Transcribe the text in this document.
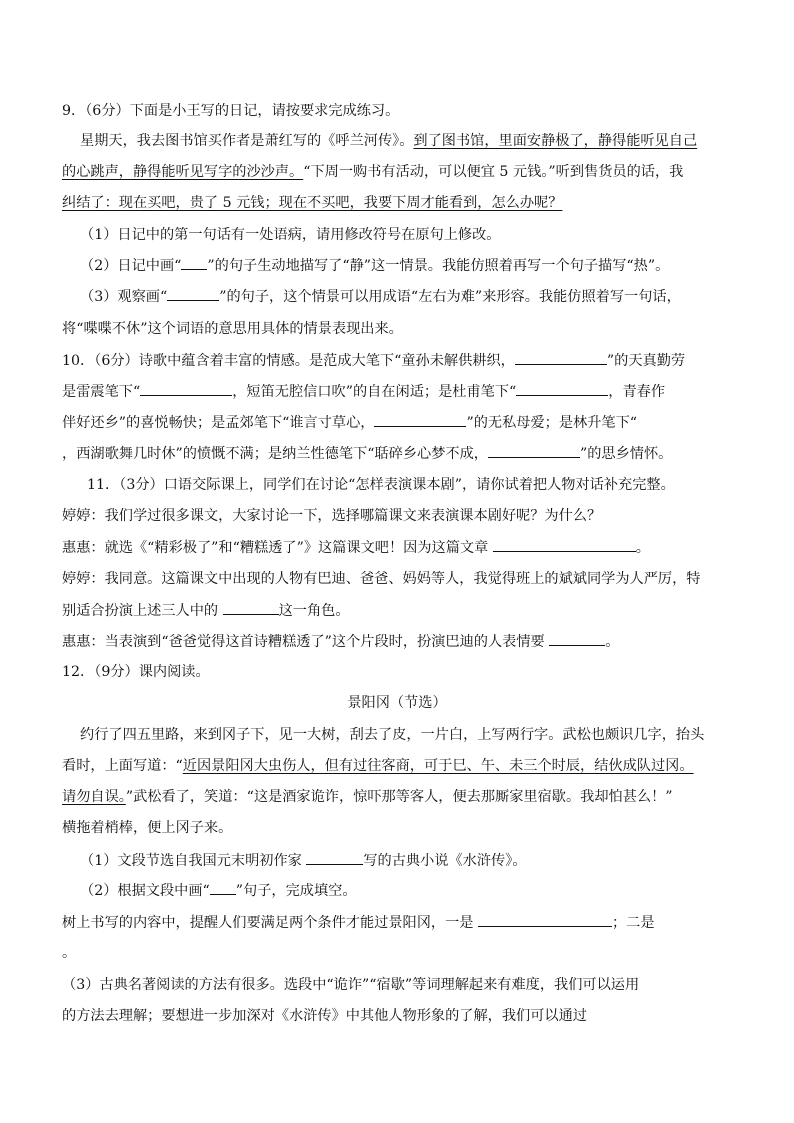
9．（6分）下面是小王写的日记，请按要求完成练习。
星期天，我去图书馆买作者是萧红写的《呼兰河传》。到了图书馆，里面安静极了，静得能听见自己
的心跳声，静得能听见写字的沙沙声。“下周一购书有活动，可以便宜 5 元钱。”听到售货员的话，我
纠结了：现在买吧，贵了 5 元钱；现在不买吧，我要下周才能看到，怎么办呢？
（1）日记中的第一句话有一处语病，请用修改符号在原句上修改。
（2）日记中画“ ”的句子生动地描写了“静”这一情景。我能仿照着再写一个句子描写“热”。
（3）观察画“	”的句子，这个情景可以用成语“左右为难”来形容。我能仿照着写一句话，
将“喋喋不休”这个词语的意思用具体的情景表现出来。
10．（6分）诗歌中蕴含着丰富的情感。是范成大笔下“童孙未解供耕织，	”的天真勤劳
是雷震笔下“	，短笛无腔信口吹”的自在闲适；是杜甫笔下“	，青春作
伴好还乡”的喜悦畅快；是孟郊笔下“谁言寸草心，	”的无私母爱；是林升笔下“
，西湖歌舞几时休”的愤慨不满；是纳兰性德笔下“聒碎乡心梦不成，	”的思乡情怀。
11．（3分）口语交际课上，同学们在讨论“怎样表演课本剧”，请你试着把人物对话补充完整。
婷婷：我们学过很多课文，大家讨论一下，选择哪篇课文来表演课本剧好呢？为什么？
惠惠：就选《“精彩极了”和“糟糕透了”》这篇课文吧！因为这篇文章	。
婷婷：我同意。这篇课文中出现的人物有巴迪、爸爸、妈妈等人，我觉得班上的斌斌同学为人严厉，特
别适合扮演上述三人中的	这一角色。
惠惠：当表演到“爸爸觉得这首诗糟糕透了”这个片段时，扮演巴迪的人表情要	。
12．（9分）课内阅读。
景阳冈（节选）
约行了四五里路，来到冈子下，见一大树，刮去了皮，一片白，上写两行字。武松也颇识几字，抬头
看时，上面写道：“近因景阳冈大虫伤人，但有过往客商，可于巳、午、未三个时辰，结伙成队过冈。
请勿自误。”武松看了，笑道：“这是酒家诡诈，惊吓那等客人，便去那厮家里宿歇。我却怕甚么！”
横拖着梢棒，便上冈子来。
（1）文段节选自我国元末明初作家	写的古典小说《水浒传》。
（2）根据文段中画“ ”句子，完成填空。
树上书写的内容中，提醒人们要满足两个条件才能过景阳冈，一是	；二是
。
（3）古典名著阅读的方法有很多。选段中“诡诈”“宿歇”等词理解起来有难度，我们可以运用
的方法去理解；要想进一步加深对《水浒传》中其他人物形象的了解，我们可以通过
